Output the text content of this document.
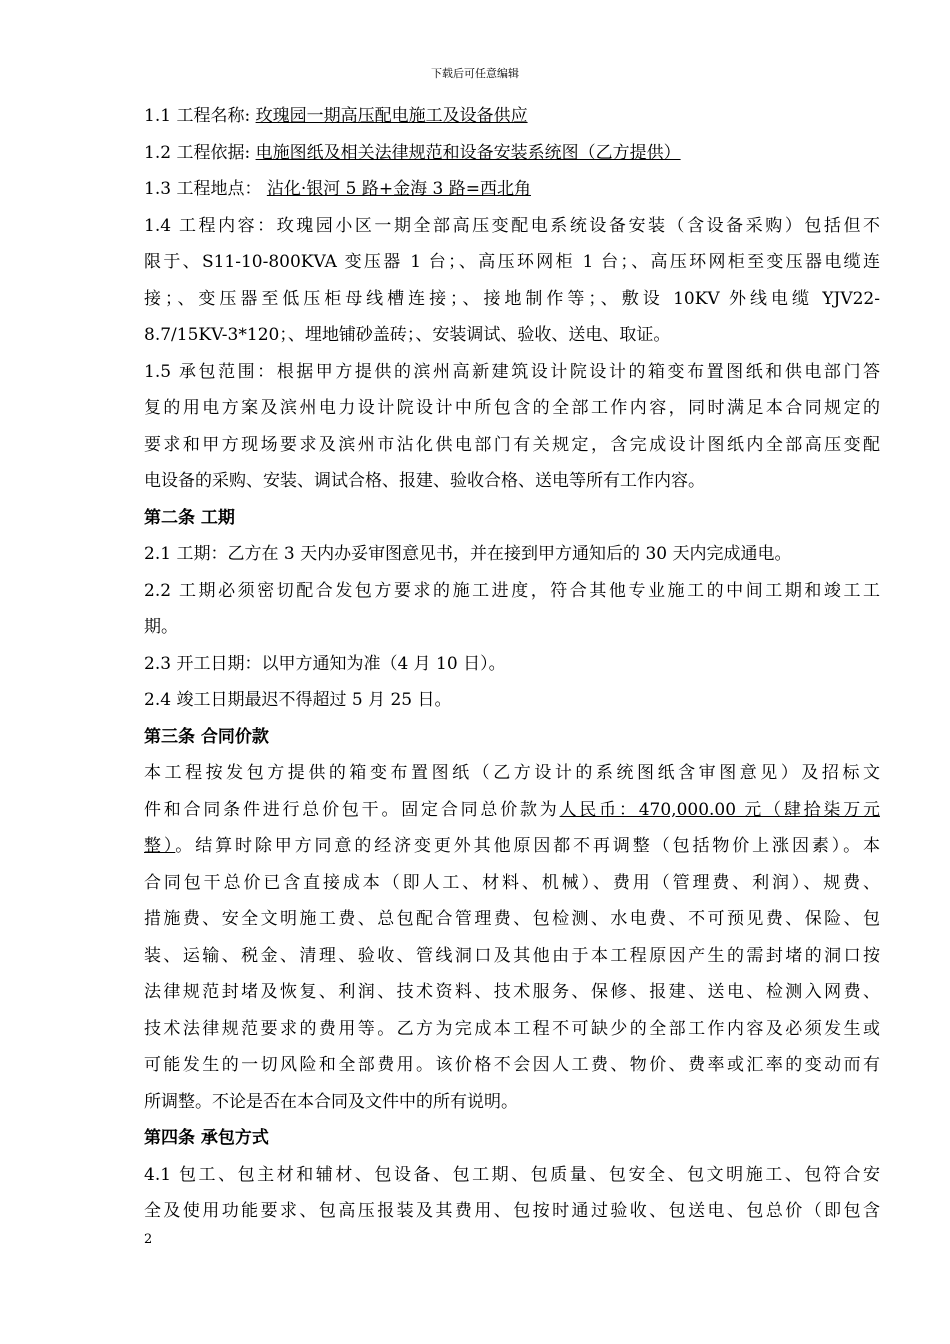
下载后可任意编辑
1.1 工程名称: 玫瑰园一期高压配电施工及设备供应
1.2 工程依据: 电施图纸及相关法律规范和设备安装系统图（乙方提供）
1.3 工程地点： 沾化·银河 5 路+金海 3 路=西北角
1.4 工程内容：玫瑰园小区一期全部高压变配电系统设备安装（含设备采购）包括但不
限于、S11-10-800KVA 变压器 1 台；、高压环网柜 1 台；、高压环网柜至变压器电缆连
接；、变压器至低压柜母线槽连接；、接地制作等；、敷设 10KV 外线电缆 YJV22-
8.7/15KV-3*120；、埋地铺砂盖砖；、安装调试、验收、送电、取证。
1.5 承包范围：根据甲方提供的滨州高新建筑设计院设计的箱变布置图纸和供电部门答
复的用电方案及滨州电力设计院设计中所包含的全部工作内容，同时满足本合同规定的
要求和甲方现场要求及滨州市沾化供电部门有关规定，含完成设计图纸内全部高压变配
电设备的采购、安装、调试合格、报建、验收合格、送电等所有工作内容。
第二条 工期
2.1 工期：乙方在 3 天内办妥审图意见书，并在接到甲方通知后的 30 天内完成通电。
2.2 工期必须密切配合发包方要求的施工进度，符合其他专业施工的中间工期和竣工工
期。
2.3 开工日期：以甲方通知为准（4 月 10 日）。
2.4 竣工日期最迟不得超过 5 月 25 日。
第三条 合同价款
本工程按发包方提供的箱变布置图纸（乙方设计的系统图纸含审图意见）及招标文
件和合同条件进行总价包干。固定合同总价款为人民币：470,000.00 元（肆拾柒万元
整）。结算时除甲方同意的经济变更外其他原因都不再调整（包括物价上涨因素）。本
合同包干总价已含直接成本（即人工、材料、机械）、费用（管理费、利润）、规费、
措施费、安全文明施工费、总包配合管理费、包检测、水电费、不可预见费、保险、包
装、运输、税金、清理、验收、管线洞口及其他由于本工程原因产生的需封堵的洞口按
法律规范封堵及恢复、利润、技术资料、技术服务、保修、报建、送电、检测入网费、
技术法律规范要求的费用等。乙方为完成本工程不可缺少的全部工作内容及必须发生或
可能发生的一切风险和全部费用。该价格不会因人工费、物价、费率或汇率的变动而有
所调整。不论是否在本合同及文件中的所有说明。
第四条 承包方式
4.1 包工、包主材和辅材、包设备、包工期、包质量、包安全、包文明施工、包符合安
全及使用功能要求、包高压报装及其费用、包按时通过验收、包送电、包总价（即包含
2
